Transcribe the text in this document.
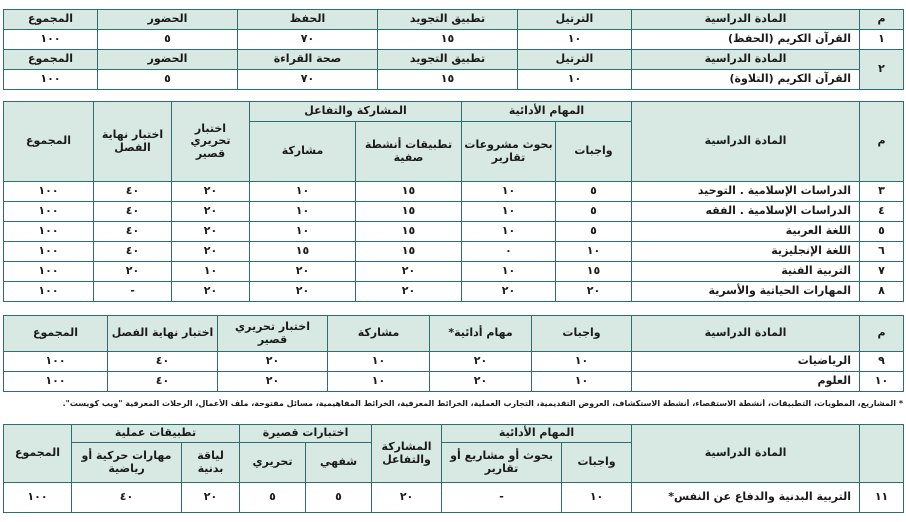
م	المادة الدراسية	الترتيل	تطبيق التجويد	الحفظ	الحضور	المجموع
١	القرآن الكريم (الحفظ)	١٠	١٥	٧٠	٥	١٠٠
٢	المادة الدراسية	الترتيل	تطبيق التجويد	صحة القراءة	الحضور	المجموع
	القرآن الكريم (التلاوة)	١٠	١٥	٧٠	٥	١٠٠
م	المادة الدراسية	المهام الأدائية		المشاركة والتفاعل		اختبار تحريري قصير	اختبار نهاية الفصل	المجموع
		واجبات	بحوث مشروعات تقارير	تطبيقات أنشطة صفية	مشاركة			
٣	الدراسات الإسلامية . التوحيد	٥	١٠	١٥	١٠	٢٠	٤٠	١٠٠
٤	الدراسات الإسلامية . الفقه	٥	١٠	١٥	١٠	٢٠	٤٠	١٠٠
٥	اللغة العربية	٥	١٠	١٥	١٠	٢٠	٤٠	١٠٠
٦	اللغة الإنجليزية	١٠	٠	١٥	١٥	٢٠	٤٠	١٠٠
٧	التربية الفنية	١٥	١٠	٢٠	٢٠	١٠	٢٠	١٠٠
٨	المهارات الحياتية والأسرية	٢٠	٢٠	٢٠	٢٠	٢٠	-	١٠٠
م	المادة الدراسية	واجبات	مهام أدائية*	مشاركة	اختبار تحريري قصير	اختبار نهاية الفصل	المجموع
٩	الرياضيات	١٠	٢٠	١٠	٢٠	٤٠	١٠٠
١٠	العلوم	١٠	٢٠	١٠	٢٠	٤٠	١٠٠
* المشاريع، المطويات، التطبيقات، أنشطة الاستقصاء، أنشطة الاستكشاف، العروض التقديمية، التجارب العملية، الخرائط المعرفية، الخرائط المفاهيمية، مسائل مفتوحة، ملف الأعمال، الرحلات المعرفية "ويب كويست".
	المادة الدراسية	المهام الأدائية		المشاركة والتفاعل	اختبارات قصيرة		تطبيقات عملية		المجموع
		واجبات	بحوث أو مشاريع أو تقارير		شفهي	تحريري	لياقة بدنية	مهارات حركية أو رياضية	
١١	التربية البدنية والدفاع عن النفس*	١٠	-	٢٠	٥	٥	٢٠	٤٠	١٠٠
